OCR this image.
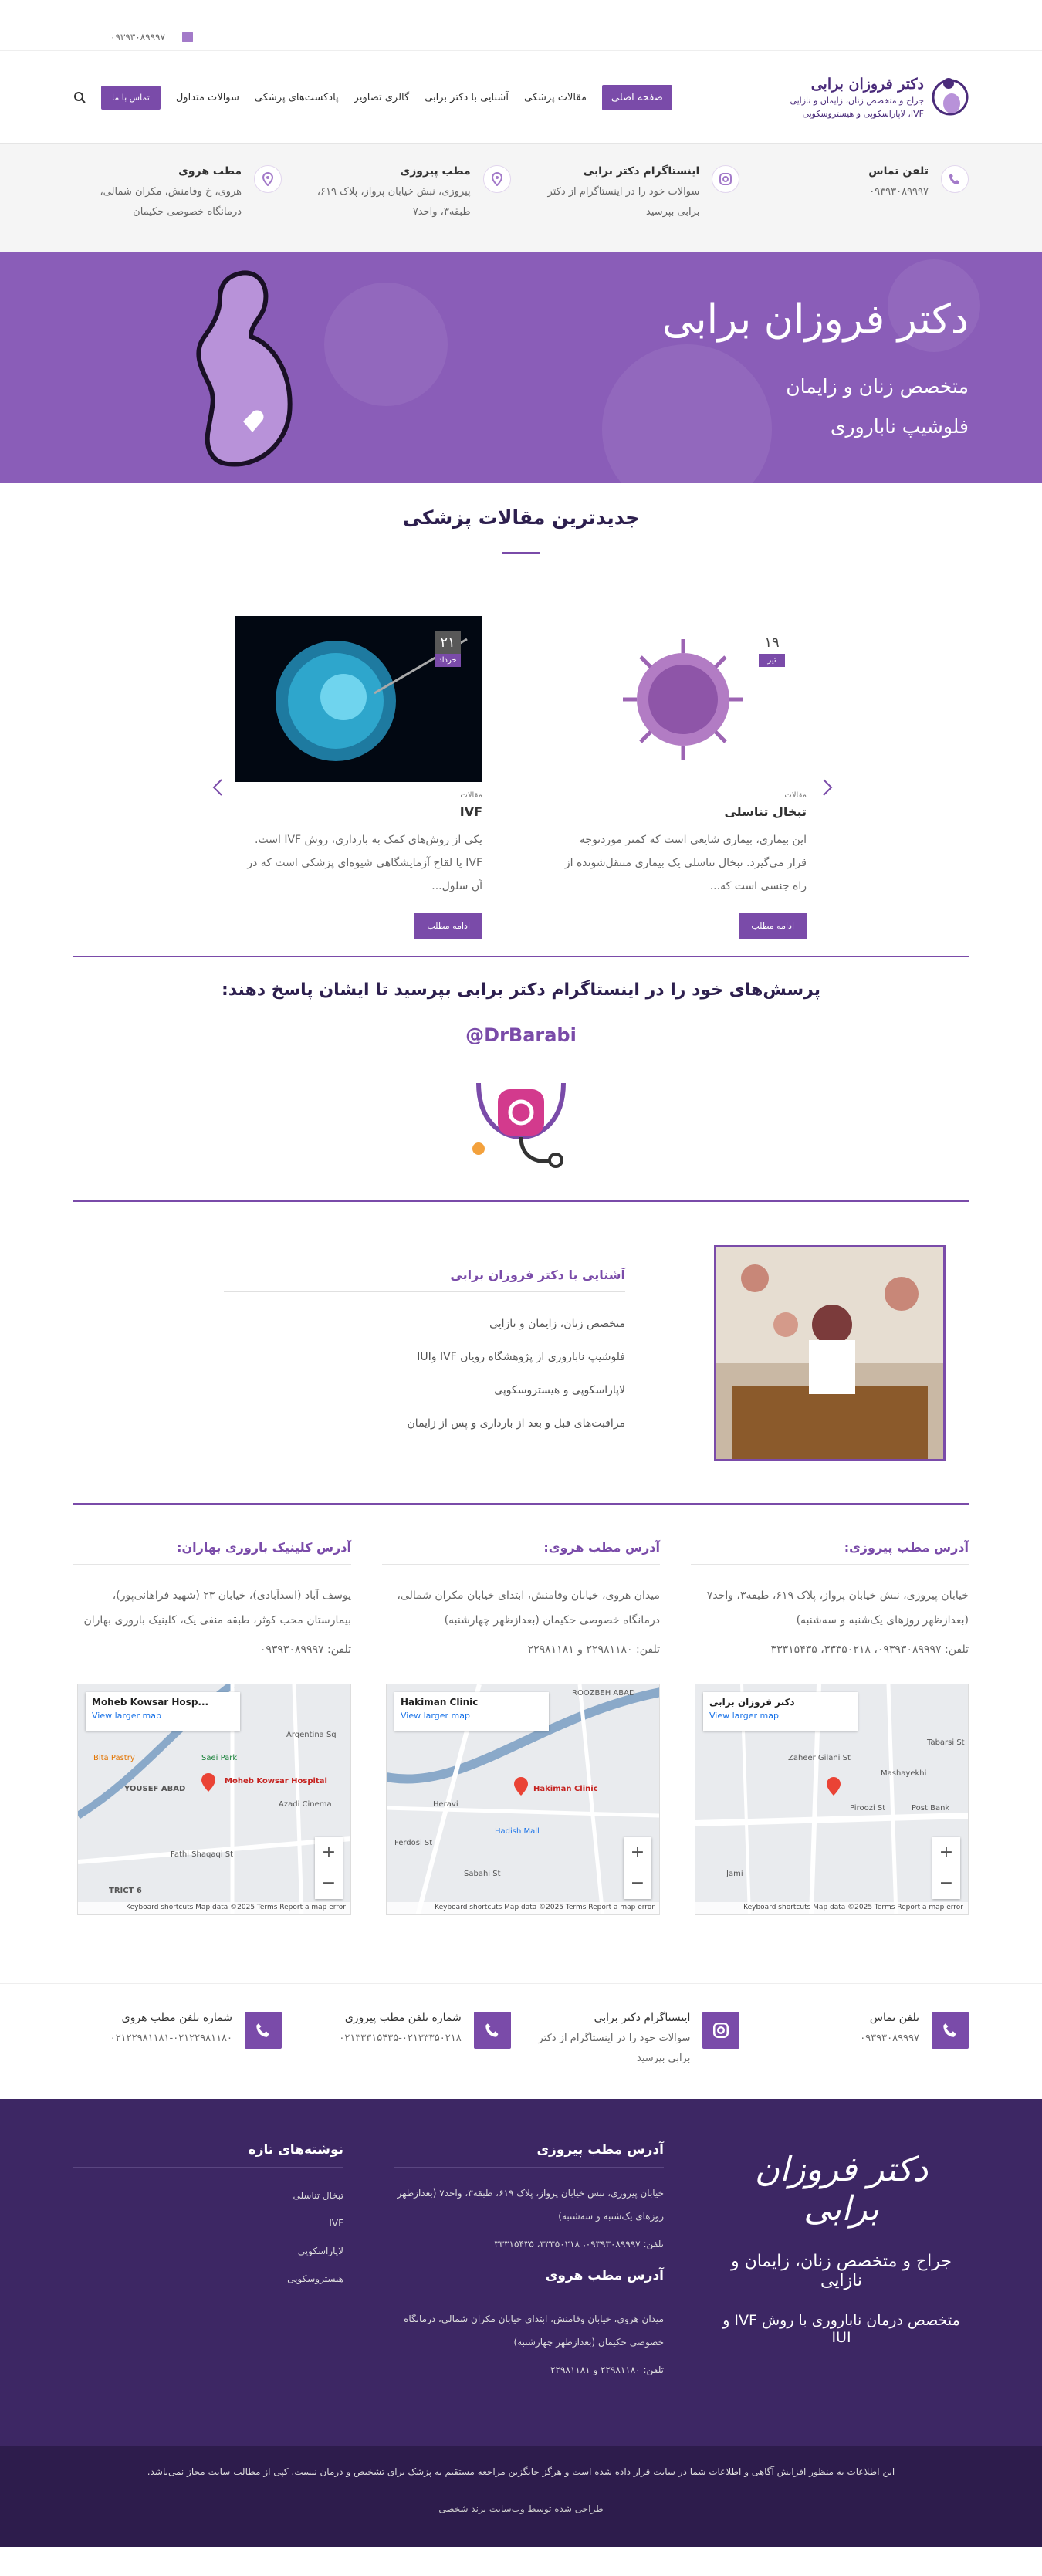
۰۹۳۹۳۰۸۹۹۹۷
دکتر فروزان برابی
جراح و متخصص زنان، زایمان و نازایی
IVF، لاپاراسکوپی و هیستروسکوپی
صفحه اصلی
مقالات پزشکی
آشنایی با دکتر برابی
گالری تصاویر
پادکست‌های پزشکی
سوالات متداول
تماس با ما
تلفن تماس
۰۹۳۹۳۰۸۹۹۹۷
اینستاگرام دکتر برابی
سوالات خود را در اینستاگرام از دکتر برابی بپرسید
مطب پیروزی
پیروزی، نبش خیابان پرواز، پلاک ۶۱۹، طبقه۳، واحد۷
مطب هروی
هروی، خ وفامنش، مکران شمالی، درمانگاه خصوصی حکیمان
دکتر فروزان برابی
متخصص زنان و زایمان
فلوشیپ ناباروری
جدیدترین مقالات پزشکی
۱۹
تیر
مقالات
تبخال تناسلی
این بیماری، بیماری شایعی است که کمتر موردتوجه قرار می‌گیرد. تبخال تناسلی یک بیماری منتقل‌شونده از راه جنسی است که...
ادامه مطلب
۲۱
خرداد
مقالات
IVF
یکی از روش‌های کمک به بارداری، روش IVF است. IVF یا لقاح آزمایشگاهی شیوه‌ای پزشکی است که در آن سلول...
ادامه مطلب
پرسش‌های خود را در اینستاگرام دکتر برابی بپرسید تا ایشان پاسخ دهند:
@DrBarabi
آشنایی با دکتر فروزان برابی
متخصص زنان، زایمان و نازایی
فلوشیپ ناباروری از پژوهشگاه رویان IVF وIUI
لاپاراسکوپی و هیستروسکوپی
مراقبت‌های قبل و بعد از بارداری و پس از زایمان
آدرس مطب پیروزی:
خیابان پیروزی، نبش خیابان پرواز، پلاک ۶۱۹، طبقه۳، واحد۷ (بعدازظهر روزهای یک‌شنبه و سه‌شنبه)
تلفن: ۰۹۳۹۳۰۸۹۹۹۷، ۳۳۳۵۰۲۱۸، ۳۳۳۱۵۴۳۵
Zaheer Gilani St
Piroozi St
Mashayekhi
Post Bank
Tabarsi St
Jami
دکتر فروزان برابی
View larger map
+
−
Keyboard shortcuts Map data ©2025 Terms Report a map error
آدرس مطب هروی:
میدان هروی، خیابان وفامنش، ابتدای خیابان مکران شمالی، درمانگاه خصوصی حکیمان (بعدازظهر چهارشنبه)
تلفن: ۲۲۹۸۱۱۸۰ و ۲۲۹۸۱۱۸۱
Hakiman Clinic
Hadish Mall
Heravi
Ferdosi St
Sabahi St
ROOZBEH ABAD
Hakiman Clinic
View larger map
+
−
Keyboard shortcuts Map data ©2025 Terms Report a map error
آدرس کلینیک باروری بهاران:
یوسف آباد (اسدآبادی)، خیابان ۲۳ (شهید فراهانی‌پور)، بیمارستان محب کوثر، طبقه منفی یک، کلینیک باروری بهاران
تلفن: ۰۹۳۹۳۰۸۹۹۹۷
Moheb Kowsar Hospital
Azadi Cinema
Argentina Sq
YOUSEF ABAD
Bita Pastry	Saei Park
Fathi Shaqaqi St
TRICT 6
Moheb Kowsar Hosp...
View larger map
+
−
Keyboard shortcuts Map data ©2025 Terms Report a map error
تلفن تماس
۰۹۳۹۳۰۸۹۹۹۷
اینستاگرام دکتر برابی
سوالات خود را در اینستاگرام از دکتر برابی بپرسید
شماره تلفن مطب پیروزی
۰۲۱۳۳۳۱۵۴۳۵-۰۲۱۳۳۳۵۰۲۱۸
شماره تلفن مطب هروی
۰۲۱۲۲۹۸۱۱۸۱-۰۲۱۲۲۹۸۱۱۸۰
دکتر فروزان برابی
جراح و متخصص زنان، زایمان و نازایی
متخصص درمان ناباروری با روش IVF و IUI
آدرس مطب پیروزی
خیابان پیروزی، نبش خیابان پرواز، پلاک ۶۱۹، طبقه۳، واحد۷ (بعدازظهر روزهای یک‌شنبه و سه‌شنبه)
تلفن: ۰۹۳۹۳۰۸۹۹۹۷، ۳۳۳۵۰۲۱۸، ۳۳۳۱۵۴۳۵
آدرس مطب هروی
میدان هروی، خیابان وفامنش، ابتدای خیابان مکران شمالی، درمانگاه خصوصی حکیمان (بعدازظهر چهارشنبه)
تلفن: ۲۲۹۸۱۱۸۰ و ۲۲۹۸۱۱۸۱
نوشته‌های تازه
تبخال تناسلی
IVF
لاپاراسکوپی
هیستروسکوپی
این اطلاعات به منظور افزایش آگاهی و اطلاعات شما در سایت قرار داده شده است و هرگز جایگزین مراجعه مستقیم به پزشک برای تشخیص و درمان نیست. کپی از مطالب سایت مجاز نمی‌باشد.
طراحی شده توسط وب‌سایت برند شخصی
